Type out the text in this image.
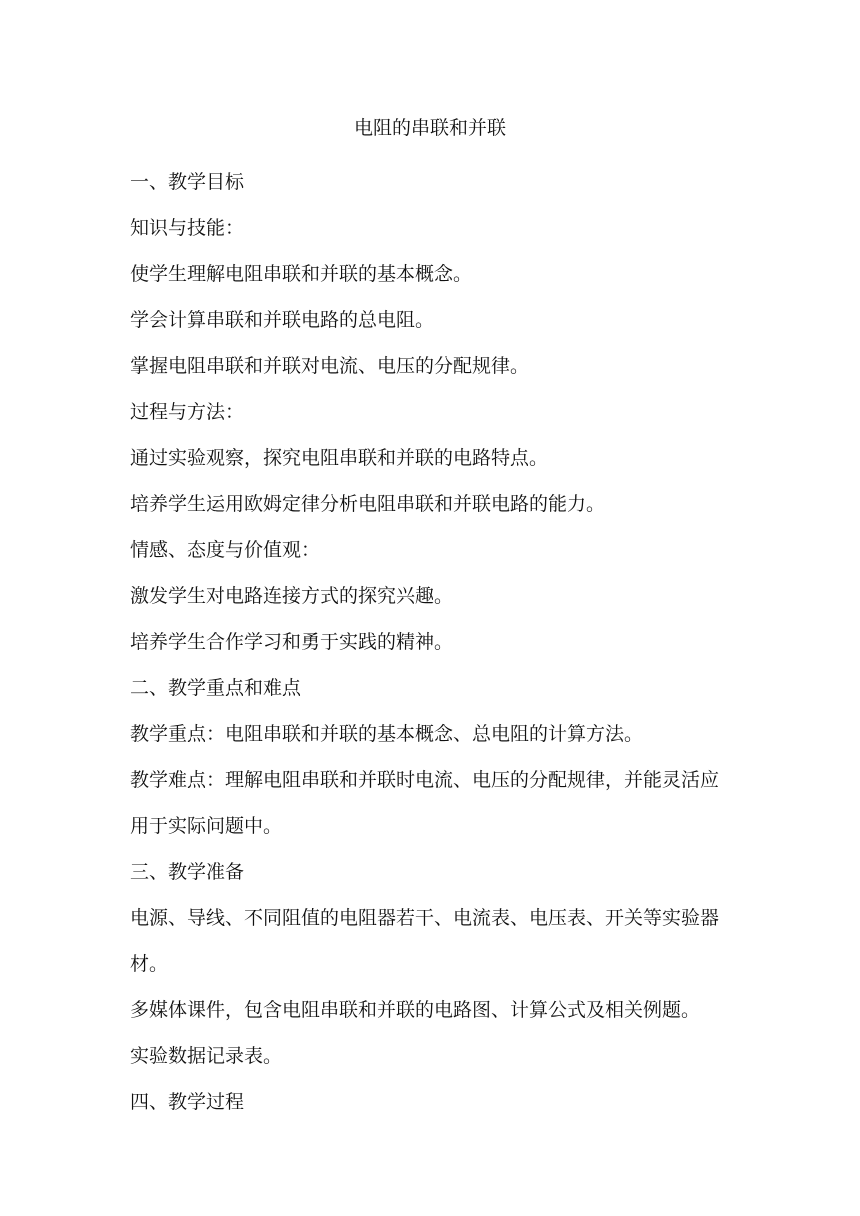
电阻的串联和并联
一、教学目标

知识与技能：

使学生理解电阻串联和并联的基本概念。

学会计算串联和并联电路的总电阻。

掌握电阻串联和并联对电流、电压的分配规律。

过程与方法：

通过实验观察，探究电阻串联和并联的电路特点。

培养学生运用欧姆定律分析电阻串联和并联电路的能力。

情感、态度与价值观：

激发学生对电路连接方式的探究兴趣。

培养学生合作学习和勇于实践的精神。

二、教学重点和难点

教学重点：电阻串联和并联的基本概念、总电阻的计算方法。

教学难点：理解电阻串联和并联时电流、电压的分配规律，并能灵活应用于实际问题中。

三、教学准备

电源、导线、不同阻值的电阻器若干、电流表、电压表、开关等实验器材。

多媒体课件，包含电阻串联和并联的电路图、计算公式及相关例题。

实验数据记录表。

四、教学过程
